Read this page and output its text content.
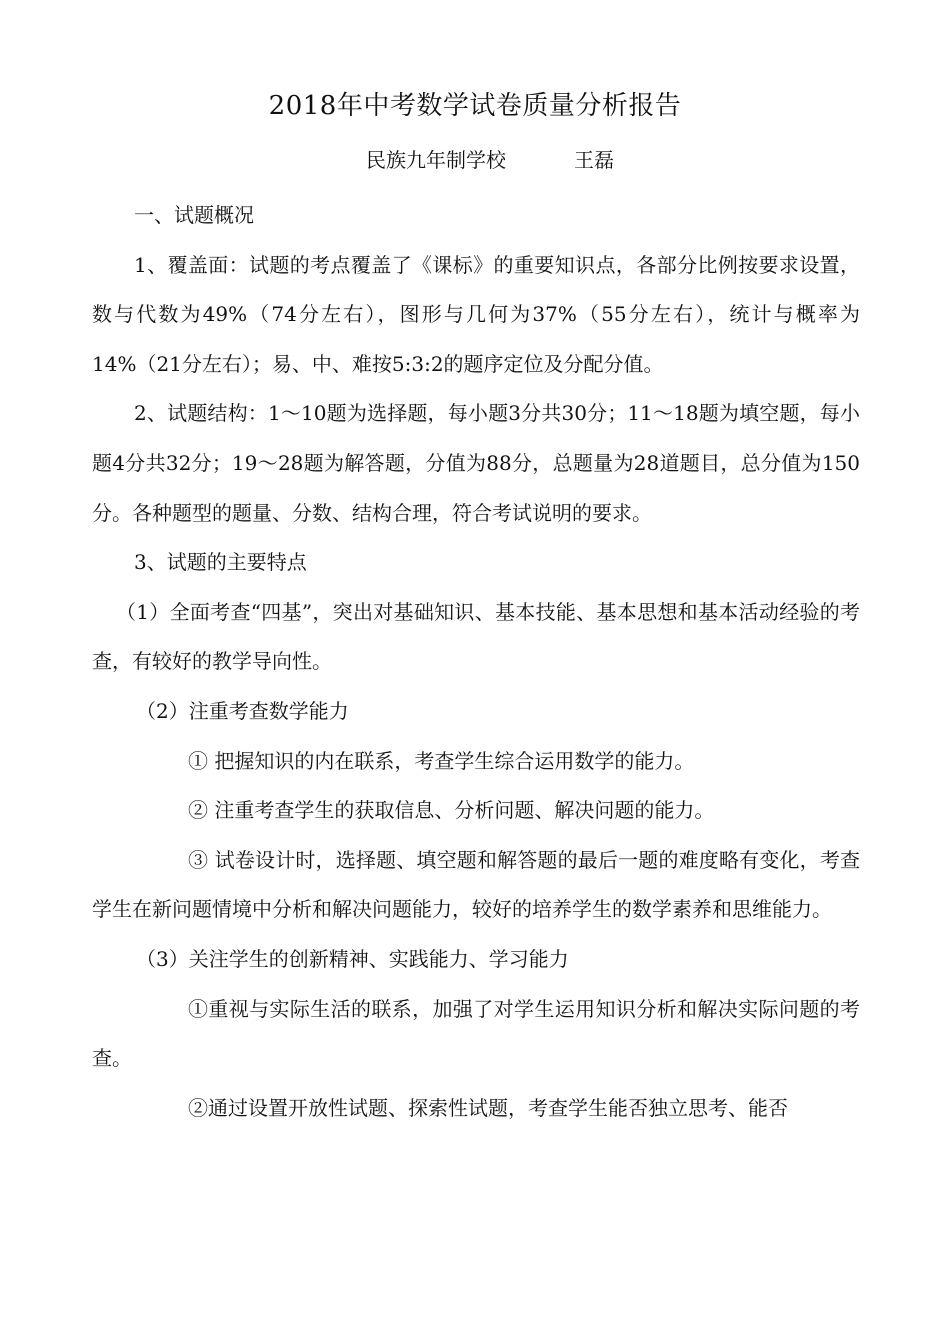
2018年中考数学试卷质量分析报告
民族九年制学校	王磊

一、试题概况

1、覆盖面：试题的考点覆盖了《课标》的重要知识点，各部分比例按要求设置，数与代数为49%（74分左右），图形与几何为37%（55分左右），统计与概率为14%（21分左右）；易、中、难按5:3:2的题序定位及分配分值。

2、试题结构：1～10题为选择题，每小题3分共30分；11～18题为填空题，每小题4分共32分；19～28题为解答题，分值为88分，总题量为28道题目，总分值为150分。各种题型的题量、分数、结构合理，符合考试说明的要求。

3、试题的主要特点

（1）全面考查“四基”，突出对基础知识、基本技能、基本思想和基本活动经验的考查，有较好的教学导向性。

（2）注重考查数学能力

① 把握知识的内在联系，考查学生综合运用数学的能力。

② 注重考查学生的获取信息、分析问题、解决问题的能力。

③ 试卷设计时，选择题、填空题和解答题的最后一题的难度略有变化，考查学生在新问题情境中分析和解决问题能力，较好的培养学生的数学素养和思维能力。

（3）关注学生的创新精神、实践能力、学习能力

①重视与实际生活的联系，加强了对学生运用知识分析和解决实际问题的考查。

②通过设置开放性试题、探索性试题，考查学生能否独立思考、能否
